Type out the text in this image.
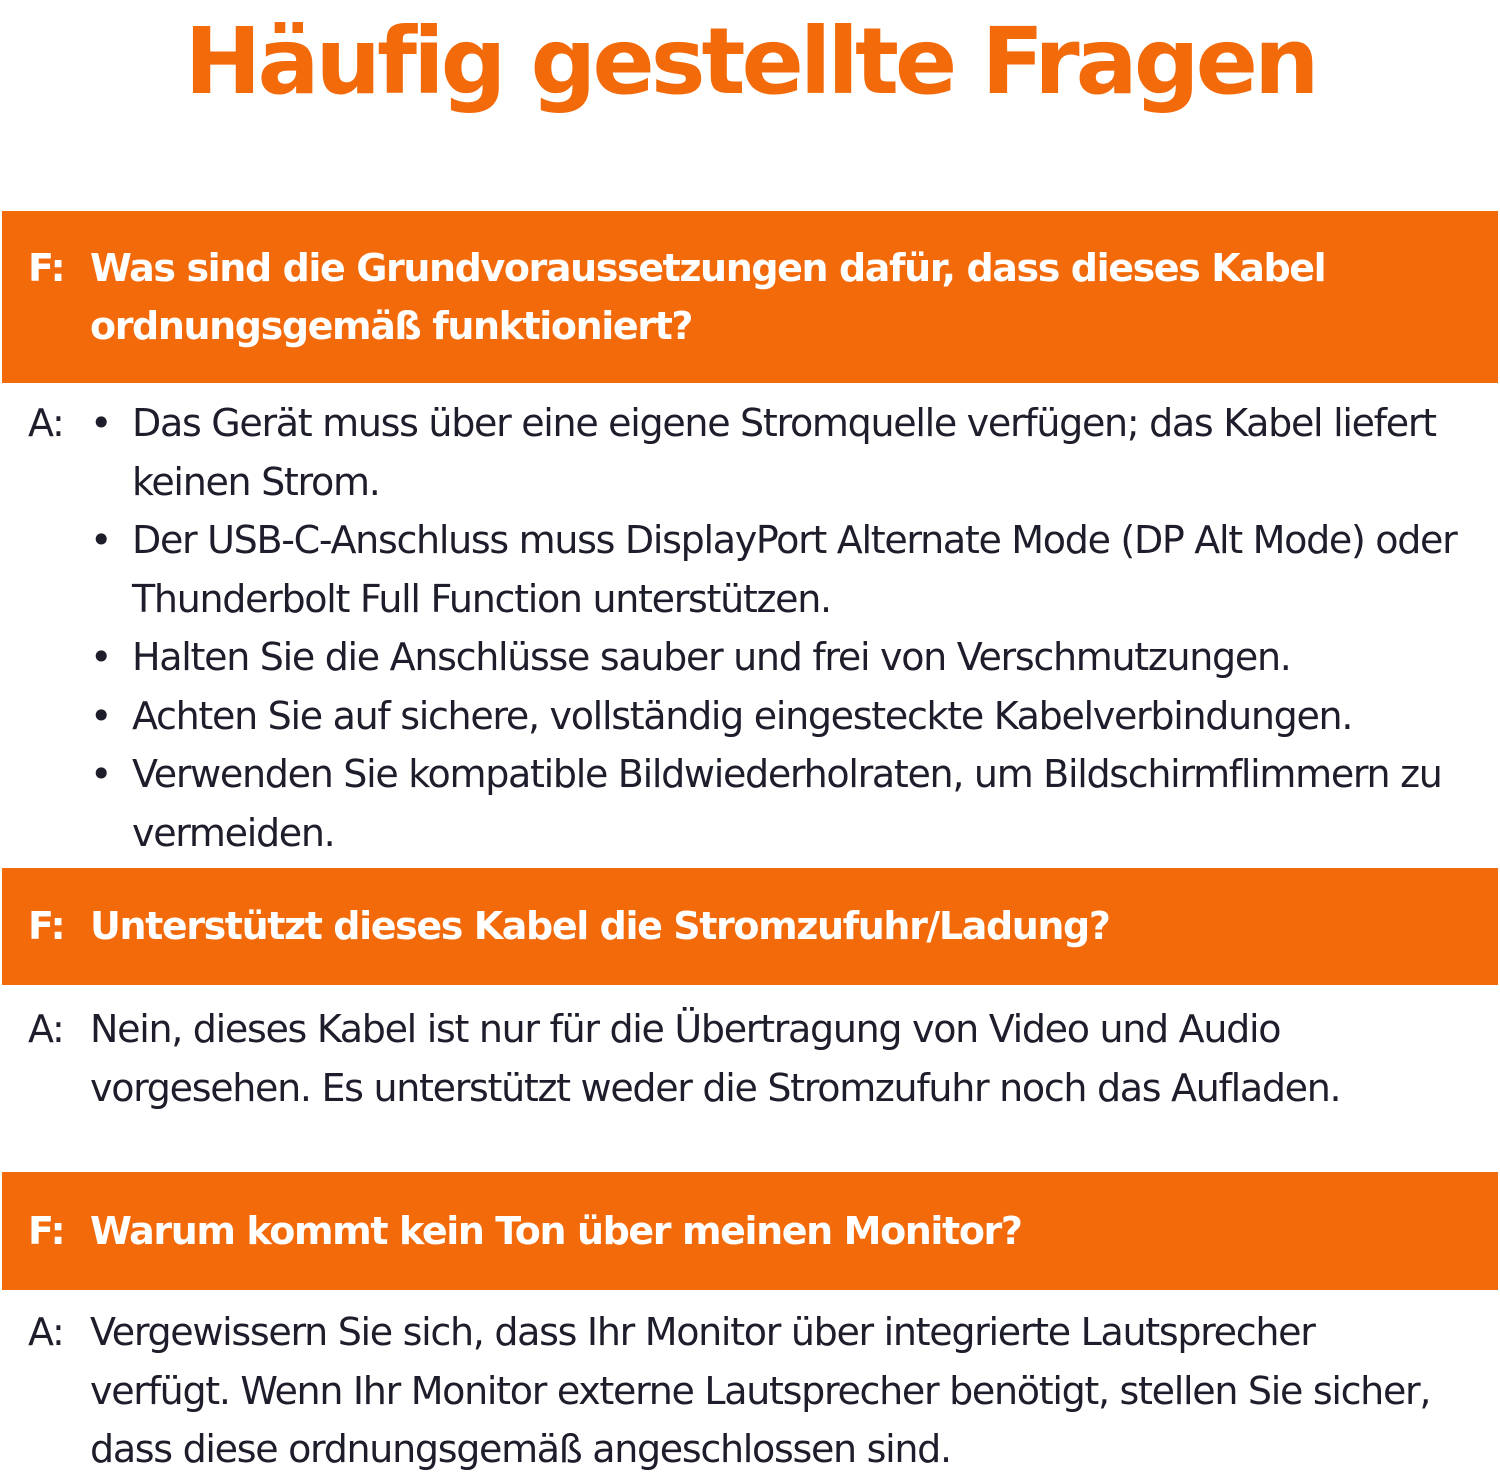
Häufig gestellte Fragen
F: Was sind die Grundvoraussetzungen dafür, dass dieses Kabel ordnungsgemäß funktioniert?
A: • Das Gerät muss über eine eigene Stromquelle verfügen; das Kabel liefert keinen Strom.
• Der USB-C-Anschluss muss DisplayPort Alternate Mode (DP Alt Mode) oder Thunderbolt Full Function unterstützen.
• Halten Sie die Anschlüsse sauber und frei von Verschmutzungen.
• Achten Sie auf sichere, vollständig eingesteckte Kabelverbindungen.
• Verwenden Sie kompatible Bildwiederholraten, um Bildschirmflimmern zu vermeiden.
F: Unterstützt dieses Kabel die Stromzufuhr/Ladung?
A: Nein, dieses Kabel ist nur für die Übertragung von Video und Audio vorgesehen. Es unterstützt weder die Stromzufuhr noch das Aufladen.
F: Warum kommt kein Ton über meinen Monitor?
A: Vergewissern Sie sich, dass Ihr Monitor über integrierte Lautsprecher verfügt. Wenn Ihr Monitor externe Lautsprecher benötigt, stellen Sie sicher, dass diese ordnungsgemäß angeschlossen sind.
